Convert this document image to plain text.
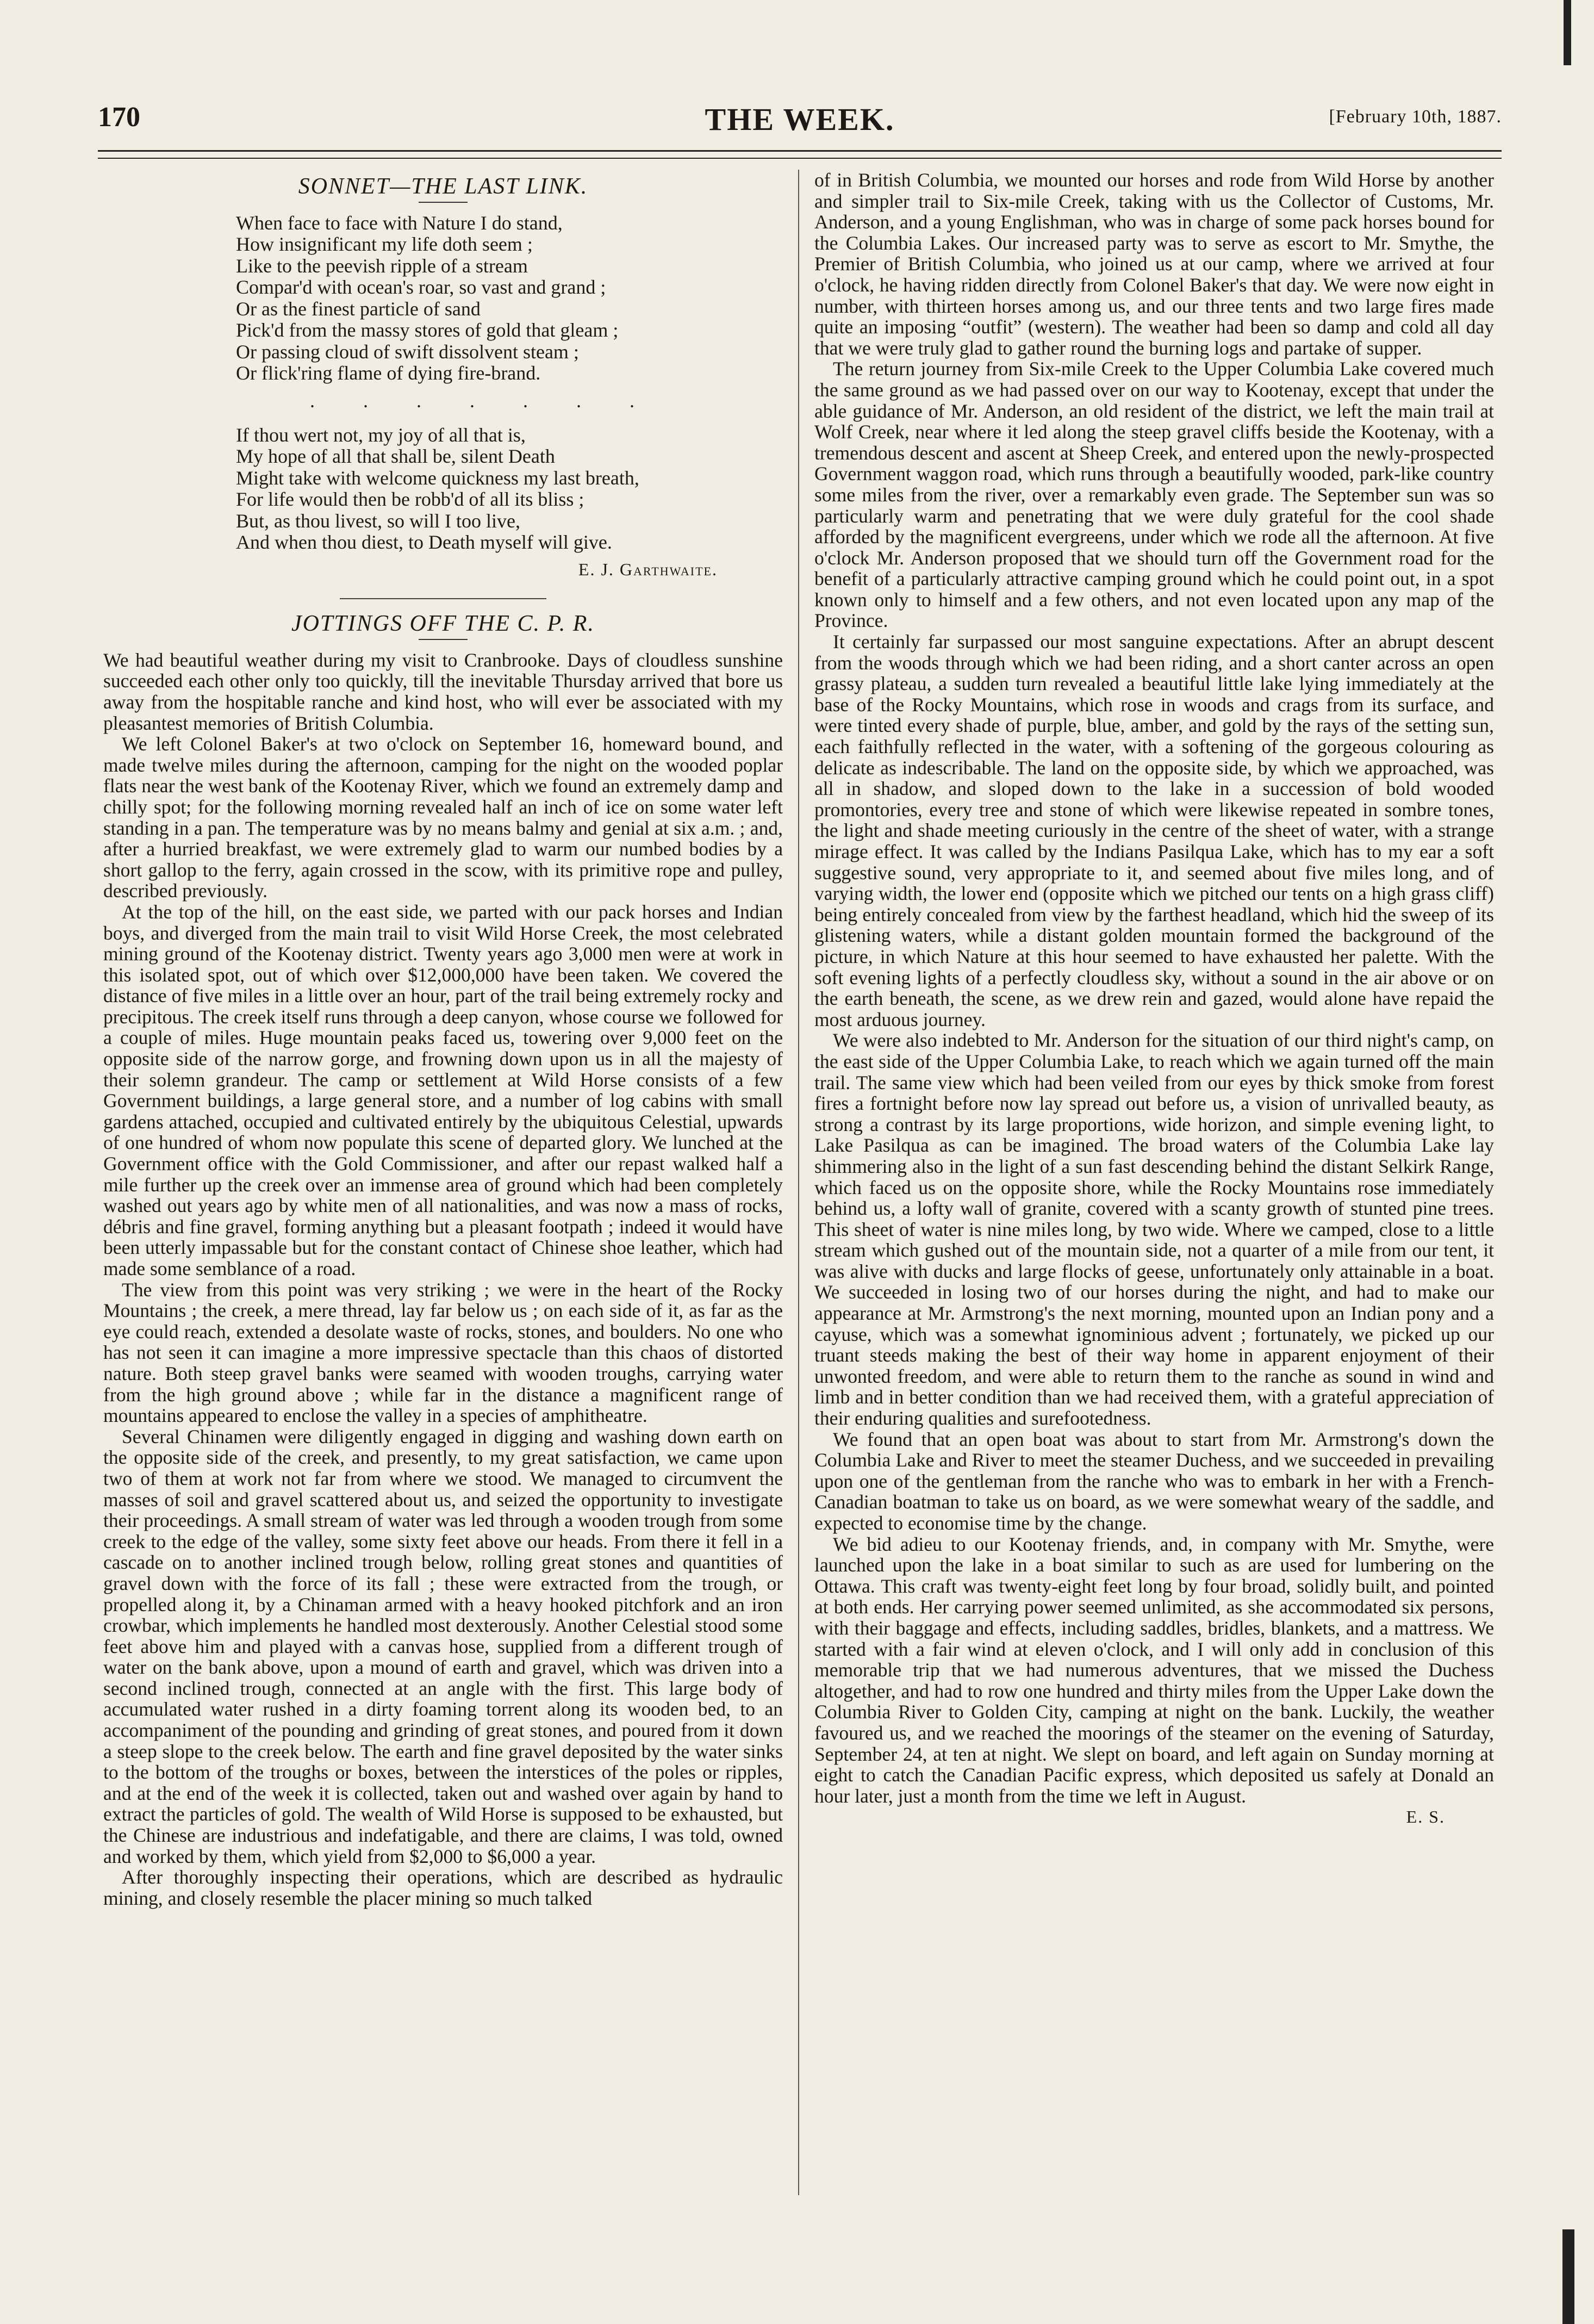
170	THE WEEK.	[February 10th, 1887.
SONNET—THE LAST LINK.
When face to face with Nature I do stand,
How insignificant my life doth seem ;
Like to the peevish ripple of a stream
Compar'd with ocean's roar, so vast and grand ;
Or as the finest particle of sand
Pick'd from the massy stores of gold that gleam ;
Or passing cloud of swift dissolvent steam ;
Or flick'ring flame of dying fire-brand.
. . . . . . .
If thou wert not, my joy of all that is,
My hope of all that shall be, silent Death
Might take with welcome quickness my last breath,
For life would then be robb'd of all its bliss ;
But, as thou livest, so will I too live,
And when thou diest, to Death myself will give.
E. J. Garthwaite.
JOTTINGS OFF THE C. P. R.

We had beautiful weather during my visit to Cranbrooke. Days of cloudless sunshine succeeded each other only too quickly, till the inevitable Thursday arrived that bore us away from the hospitable ranche and kind host, who will ever be associated with my pleasantest memories of British Columbia.

We left Colonel Baker's at two o'clock on September 16, homeward bound, and made twelve miles during the afternoon, camping for the night on the wooded poplar flats near the west bank of the Kootenay River, which we found an extremely damp and chilly spot; for the following morning revealed half an inch of ice on some water left standing in a pan. The temperature was by no means balmy and genial at six a.m. ; and, after a hurried breakfast, we were extremely glad to warm our numbed bodies by a short gallop to the ferry, again crossed in the scow, with its primitive rope and pulley, described previously.

At the top of the hill, on the east side, we parted with our pack horses and Indian boys, and diverged from the main trail to visit Wild Horse Creek, the most celebrated mining ground of the Kootenay district. Twenty years ago 3,000 men were at work in this isolated spot, out of which over $12,000,000 have been taken. We covered the distance of five miles in a little over an hour, part of the trail being extremely rocky and precipitous. The creek itself runs through a deep canyon, whose course we followed for a couple of miles. Huge mountain peaks faced us, towering over 9,000 feet on the opposite side of the narrow gorge, and frowning down upon us in all the majesty of their solemn grandeur. The camp or settlement at Wild Horse consists of a few Government buildings, a large general store, and a number of log cabins with small gardens attached, occupied and cultivated entirely by the ubiquitous Celestial, upwards of one hundred of whom now populate this scene of departed glory. We lunched at the Government office with the Gold Commissioner, and after our repast walked half a mile further up the creek over an immense area of ground which had been completely washed out years ago by white men of all nationalities, and was now a mass of rocks, débris and fine gravel, forming anything but a pleasant footpath ; indeed it would have been utterly impassable but for the constant contact of Chinese shoe leather, which had made some semblance of a road.

The view from this point was very striking ; we were in the heart of the Rocky Mountains ; the creek, a mere thread, lay far below us ; on each side of it, as far as the eye could reach, extended a desolate waste of rocks, stones, and boulders. No one who has not seen it can imagine a more impressive spectacle than this chaos of distorted nature. Both steep gravel banks were seamed with wooden troughs, carrying water from the high ground above ; while far in the distance a magnificent range of mountains appeared to enclose the valley in a species of amphitheatre.

Several Chinamen were diligently engaged in digging and washing down earth on the opposite side of the creek, and presently, to my great satisfaction, we came upon two of them at work not far from where we stood. We managed to circumvent the masses of soil and gravel scattered about us, and seized the opportunity to investigate their proceedings. A small stream of water was led through a wooden trough from some creek to the edge of the valley, some sixty feet above our heads. From there it fell in a cascade on to another inclined trough below, rolling great stones and quantities of gravel down with the force of its fall ; these were extracted from the trough, or propelled along it, by a Chinaman armed with a heavy hooked pitchfork and an iron crowbar, which implements he handled most dexterously. Another Celestial stood some feet above him and played with a canvas hose, supplied from a different trough of water on the bank above, upon a mound of earth and gravel, which was driven into a second inclined trough, connected at an angle with the first. This large body of accumulated water rushed in a dirty foaming torrent along its wooden bed, to an accompaniment of the pounding and grinding of great stones, and poured from it down a steep slope to the creek below. The earth and fine gravel deposited by the water sinks to the bottom of the troughs or boxes, between the interstices of the poles or ripples, and at the end of the week it is collected, taken out and washed over again by hand to extract the particles of gold. The wealth of Wild Horse is supposed to be exhausted, but the Chinese are industrious and indefatigable, and there are claims, I was told, owned and worked by them, which yield from $2,000 to $6,000 a year.

After thoroughly inspecting their operations, which are described as hydraulic mining, and closely resemble the placer mining so much talked

of in British Columbia, we mounted our horses and rode from Wild Horse by another and simpler trail to Six-mile Creek, taking with us the Collector of Customs, Mr. Anderson, and a young Englishman, who was in charge of some pack horses bound for the Columbia Lakes. Our increased party was to serve as escort to Mr. Smythe, the Premier of British Columbia, who joined us at our camp, where we arrived at four o'clock, he having ridden directly from Colonel Baker's that day. We were now eight in number, with thirteen horses among us, and our three tents and two large fires made quite an imposing “outfit” (western). The weather had been so damp and cold all day that we were truly glad to gather round the burning logs and partake of supper.

The return journey from Six-mile Creek to the Upper Columbia Lake covered much the same ground as we had passed over on our way to Kootenay, except that under the able guidance of Mr. Anderson, an old resident of the district, we left the main trail at Wolf Creek, near where it led along the steep gravel cliffs beside the Kootenay, with a tremendous descent and ascent at Sheep Creek, and entered upon the newly-prospected Government waggon road, which runs through a beautifully wooded, park-like country some miles from the river, over a remarkably even grade. The September sun was so particularly warm and penetrating that we were duly grateful for the cool shade afforded by the magnificent evergreens, under which we rode all the afternoon. At five o'clock Mr. Anderson proposed that we should turn off the Government road for the benefit of a particularly attractive camping ground which he could point out, in a spot known only to himself and a few others, and not even located upon any map of the Province.

It certainly far surpassed our most sanguine expectations. After an abrupt descent from the woods through which we had been riding, and a short canter across an open grassy plateau, a sudden turn revealed a beautiful little lake lying immediately at the base of the Rocky Mountains, which rose in woods and crags from its surface, and were tinted every shade of purple, blue, amber, and gold by the rays of the setting sun, each faithfully reflected in the water, with a softening of the gorgeous colouring as delicate as indescribable. The land on the opposite side, by which we approached, was all in shadow, and sloped down to the lake in a succession of bold wooded promontories, every tree and stone of which were likewise repeated in sombre tones, the light and shade meeting curiously in the centre of the sheet of water, with a strange mirage effect. It was called by the Indians Pasilqua Lake, which has to my ear a soft suggestive sound, very appropriate to it, and seemed about five miles long, and of varying width, the lower end (opposite which we pitched our tents on a high grass cliff) being entirely concealed from view by the farthest headland, which hid the sweep of its glistening waters, while a distant golden mountain formed the background of the picture, in which Nature at this hour seemed to have exhausted her palette. With the soft evening lights of a perfectly cloudless sky, without a sound in the air above or on the earth beneath, the scene, as we drew rein and gazed, would alone have repaid the most arduous journey.

We were also indebted to Mr. Anderson for the situation of our third night's camp, on the east side of the Upper Columbia Lake, to reach which we again turned off the main trail. The same view which had been veiled from our eyes by thick smoke from forest fires a fortnight before now lay spread out before us, a vision of unrivalled beauty, as strong a contrast by its large proportions, wide horizon, and simple evening light, to Lake Pasilqua as can be imagined. The broad waters of the Columbia Lake lay shimmering also in the light of a sun fast descending behind the distant Selkirk Range, which faced us on the opposite shore, while the Rocky Mountains rose immediately behind us, a lofty wall of granite, covered with a scanty growth of stunted pine trees. This sheet of water is nine miles long, by two wide. Where we camped, close to a little stream which gushed out of the mountain side, not a quarter of a mile from our tent, it was alive with ducks and large flocks of geese, unfortunately only attainable in a boat. We succeeded in losing two of our horses during the night, and had to make our appearance at Mr. Armstrong's the next morning, mounted upon an Indian pony and a cayuse, which was a somewhat ignominious advent ; fortunately, we picked up our truant steeds making the best of their way home in apparent enjoyment of their unwonted freedom, and were able to return them to the ranche as sound in wind and limb and in better condition than we had received them, with a grateful appreciation of their enduring qualities and surefootedness.

We found that an open boat was about to start from Mr. Armstrong's down the Columbia Lake and River to meet the steamer Duchess, and we succeeded in prevailing upon one of the gentleman from the ranche who was to embark in her with a French-Canadian boatman to take us on board, as we were somewhat weary of the saddle, and expected to economise time by the change.

We bid adieu to our Kootenay friends, and, in company with Mr. Smythe, were launched upon the lake in a boat similar to such as are used for lumbering on the Ottawa. This craft was twenty-eight feet long by four broad, solidly built, and pointed at both ends. Her carrying power seemed unlimited, as she accommodated six persons, with their baggage and effects, including saddles, bridles, blankets, and a mattress. We started with a fair wind at eleven o'clock, and I will only add in conclusion of this memorable trip that we had numerous adventures, that we missed the Duchess altogether, and had to row one hundred and thirty miles from the Upper Lake down the Columbia River to Golden City, camping at night on the bank. Luckily, the weather favoured us, and we reached the moorings of the steamer on the evening of Saturday, September 24, at ten at night. We slept on board, and left again on Sunday morning at eight to catch the Canadian Pacific express, which deposited us safely at Donald an hour later, just a month from the time we left in August.

E. S.
